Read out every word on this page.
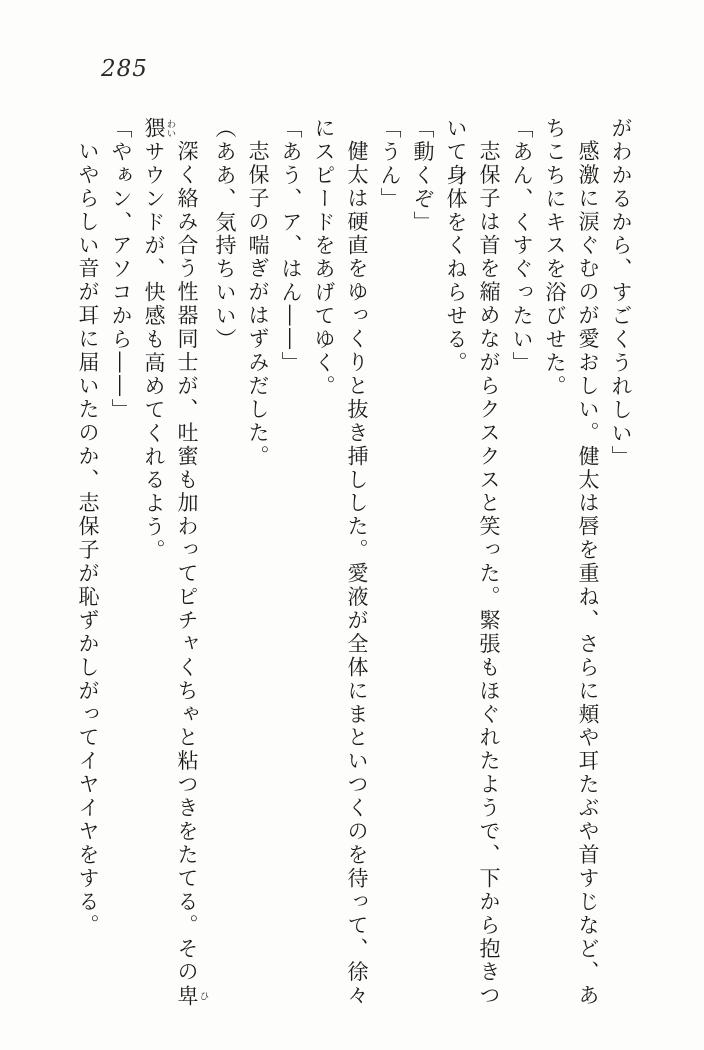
285

がわかるから、すごくうれしい」

感激に涙ぐむのが愛おしい。健太は唇を重ね、さらに頬や耳たぶや首すじなど、あちこちにキスを浴びせた。

「あん、くすぐったい」

志保子は首を縮めながらクスクスと笑った。緊張もほぐれたようで、下から抱きついて身体をくねらせる。

「動くぞ」

「うん」

健太は硬直をゆっくりと抜き挿しした。愛液が全体にまといつくのを待って、徐々にスピードをあげてゆく。

「あう、ア、はん――」

志保子の喘ぎがはずみだした。

（ああ、気持ちいい）

深く絡み合う性器同士が、吐蜜も加わってピチャくちゃと粘つきをたてる。その卑ひ猥わいサウンドが、快感も高めてくれるよう。

「やぁン、アソコから――」

いやらしい音が耳に届いたのか、志保子が恥ずかしがってイヤイヤをする。
